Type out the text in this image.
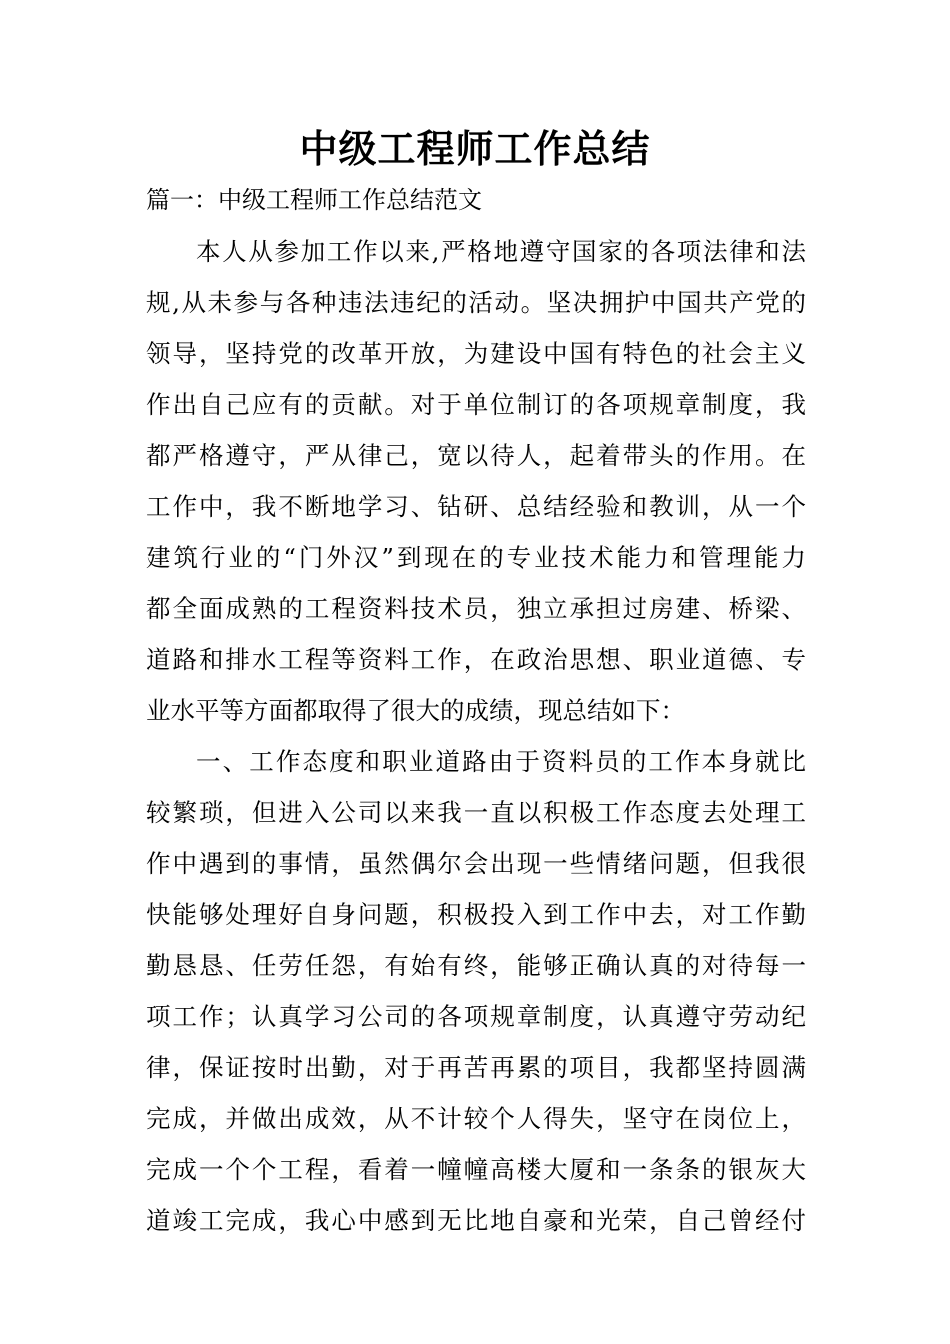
中级工程师工作总结

篇一：中级工程师工作总结范文

本人从参加工作以来,严格地遵守国家的各项法律和法
规,从未参与各种违法违纪的活动。坚决拥护中国共产党的
领导，坚持党的改革开放，为建设中国有特色的社会主义
作出自己应有的贡献。对于单位制订的各项规章制度，我
都严格遵守，严从律己，宽以待人，起着带头的作用。在
工作中，我不断地学习、钻研、总结经验和教训，从一个
建筑行业的“门外汉”到现在的专业技术能力和管理能力
都全面成熟的工程资料技术员，独立承担过房建、桥梁、
道路和排水工程等资料工作，在政治思想、职业道德、专
业水平等方面都取得了很大的成绩，现总结如下：
一、工作态度和职业道路由于资料员的工作本身就比
较繁琐，但进入公司以来我一直以积极工作态度去处理工
作中遇到的事情，虽然偶尔会出现一些情绪问题，但我很
快能够处理好自身问题，积极投入到工作中去，对工作勤
勤恳恳、任劳任怨，有始有终，能够正确认真的对待每一
项工作；认真学习公司的各项规章制度，认真遵守劳动纪
律，保证按时出勤，对于再苦再累的项目，我都坚持圆满
完成，并做出成效，从不计较个人得失，坚守在岗位上，
完成一个个工程，看着一幢幢高楼大厦和一条条的银灰大
道竣工完成，我心中感到无比地自豪和光荣，自己曾经付
